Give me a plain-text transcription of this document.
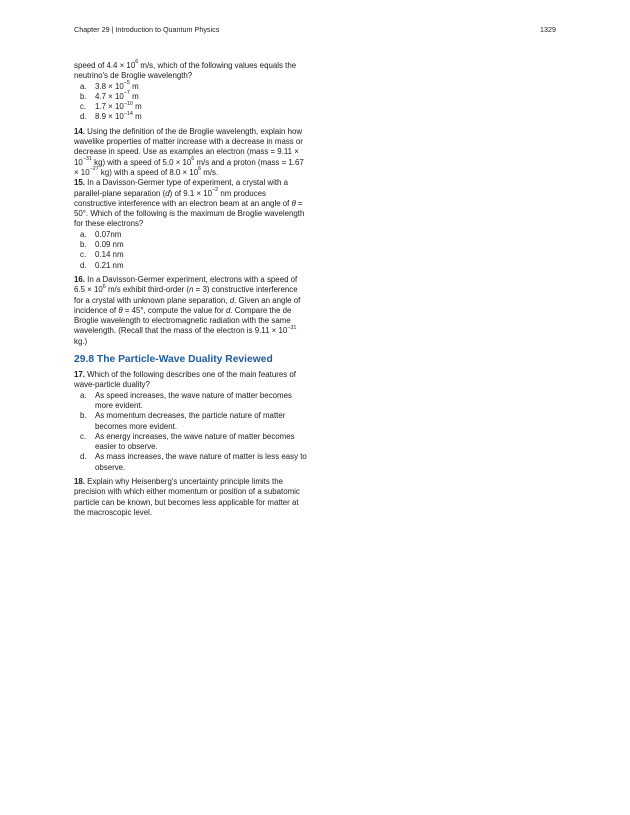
Chapter 29 | Introduction to Quantum Physics	1329

speed of $4.4 \times 10^6$ m/s, which of the following values equals the neutrino's de Broglie wavelength?

a. $3.8 \times 10^{-5}$ m
b. $4.7 \times 10^{-7}$ m
c. $1.7 \times 10^{-10}$ m
d. $8.9 \times 10^{-14}$ m

14. Using the definition of the de Broglie wavelength, explain how wavelike properties of matter increase with a decrease in mass or decrease in speed. Use as examples an electron (mass = $9.11 \times 10^{-31}$ kg) with a speed of $5.0 \times 10^6$ m/s and a proton (mass = $1.67 \times 10^{-27}$ kg) with a speed of $8.0 \times 10^6$ m/s.

15. In a Davisson-Germer type of experiment, a crystal with a parallel-plane separation (d) of $9.1 \times 10^{-2}$ nm produces constructive interference with an electron beam at an angle of θ = 50°. Which of the following is the maximum de Broglie wavelength for these electrons?

a. 0.07nm
b. 0.09 nm
c. 0.14 nm
d. 0.21 nm

16. In a Davisson-Germer experiment, electrons with a speed of $6.5 \times 10^6$ m/s exhibit third-order (n = 3) constructive interference for a crystal with unknown plane separation, d. Given an angle of incidence of θ = 45°, compute the value for d. Compare the de Broglie wavelength to electromagnetic radiation with the same wavelength. (Recall that the mass of the electron is $9.11 \times 10^{-31}$ kg.)

29.8 The Particle-Wave Duality Reviewed

17. Which of the following describes one of the main features of wave-particle duality?

a. As speed increases, the wave nature of matter becomes more evident.
b. As momentum decreases, the particle nature of matter becomes more evident.
c. As energy increases, the wave nature of matter becomes easier to observe.
d. As mass increases, the wave nature of matter is less easy to observe.

18. Explain why Heisenberg's uncertainty principle limits the precision with which either momentum or position of a subatomic particle can be known, but becomes less applicable for matter at the macroscopic level.
